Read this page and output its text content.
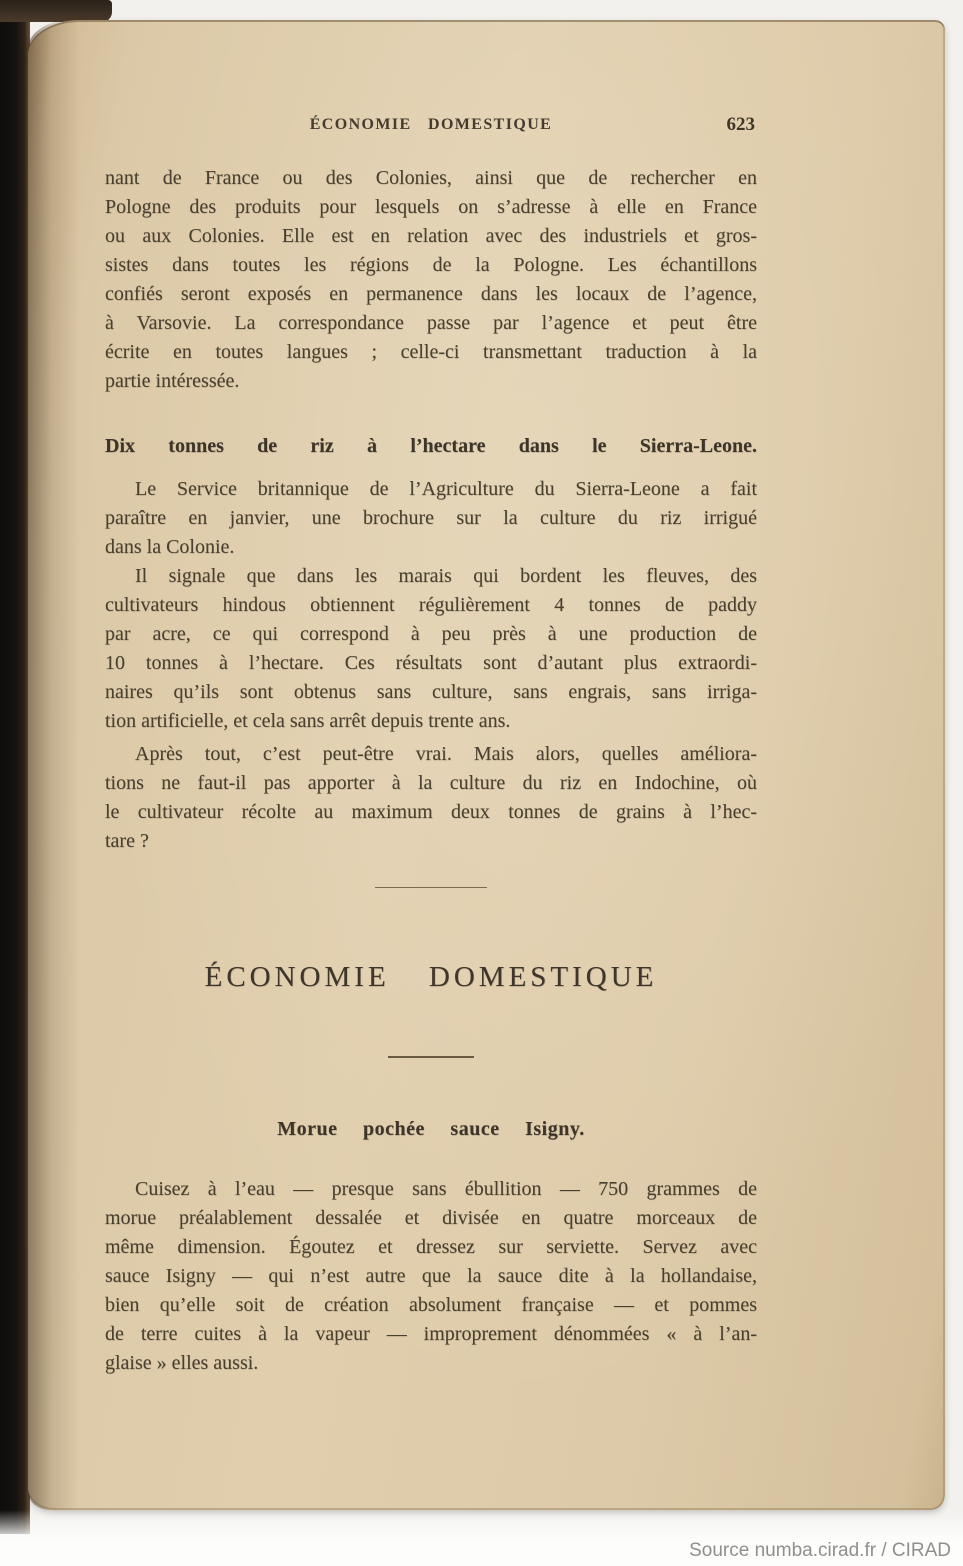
ÉCONOMIE DOMESTIQUE	623
nant de France ou des Colonies, ainsi que de rechercher en
Pologne des produits pour lesquels on s’adresse à elle en France
ou aux Colonies. Elle est en relation avec des industriels et gros-
sistes dans toutes les régions de la Pologne. Les échantillons
confiés seront exposés en permanence dans les locaux de l’agence,
à Varsovie. La correspondance passe par l’agence et peut être
écrite en toutes langues ; celle-ci transmettant traduction à la
partie intéressée.
Dix tonnes de riz à l’hectare dans le Sierra-Leone.
Le Service britannique de l’Agriculture du Sierra-Leone a fait
paraître en janvier, une brochure sur la culture du riz irrigué
dans la Colonie.
Il signale que dans les marais qui bordent les fleuves, des
cultivateurs hindous obtiennent régulièrement 4 tonnes de paddy
par acre, ce qui correspond à peu près à une production de
10 tonnes à l’hectare. Ces résultats sont d’autant plus extraordi-
naires qu’ils sont obtenus sans culture, sans engrais, sans irriga-
tion artificielle, et cela sans arrêt depuis trente ans.
Après tout, c’est peut-être vrai. Mais alors, quelles améliora-
tions ne faut-il pas apporter à la culture du riz en Indochine, où
le cultivateur récolte au maximum deux tonnes de grains à l’hec-
tare ?
ÉCONOMIE DOMESTIQUE
Morue pochée sauce Isigny.
Cuisez à l’eau — presque sans ébullition — 750 grammes de
morue préalablement dessalée et divisée en quatre morceaux de
même dimension. Égoutez et dressez sur serviette. Servez avec
sauce Isigny — qui n’est autre que la sauce dite à la hollandaise,
bien qu’elle soit de création absolument française — et pommes
de terre cuites à la vapeur — improprement dénommées « à l’an-
glaise » elles aussi.
Source numba.cirad.fr / CIRAD
